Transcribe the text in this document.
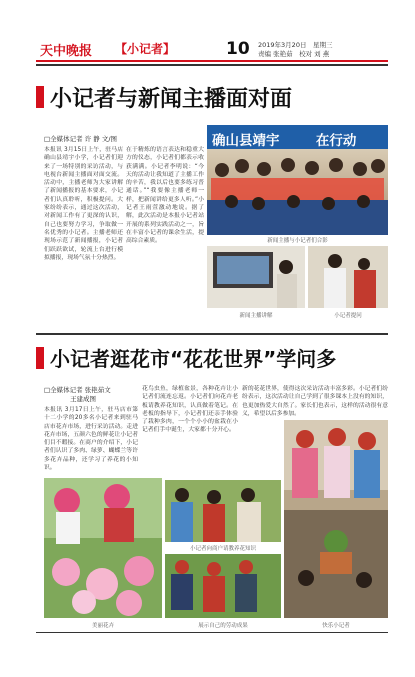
天中晚报 【小记者】	10 2019年3月20日　星期三
责编 张艳茹　校对 刘 燕
小记者与新闻主播面对面
□全媒体记者 许 静 文/图
本报讯 3月15日上午，驻马店确山县靖宇小学，小记者们迎来了一场特别的采访活动，与电视台新闻主播面对面交流。活动中，主播老师为大家讲解了新闻播报的基本要求，小记者们认真聆听，积极提问。大家纷纷表示，通过这次活动，对新闻工作有了更深的认识，自己也要努力学习，争取做一名优秀的小记者。主播老师还现场示范了新闻播报，小记者们跃跃欲试，轮流上台进行模拟播报，现场气氛十分热烈。
在于精炼的语言表达和稳重大方的仪态，小记者们都表示收获满满。小记者李明说：“今天的活动让我知道了主播工作的辛苦，我以后也要多练习普通话。”“我要像主播老师一样，把新闻讲给更多人听。”小记者王雨萱激动地说。据了解，此次活动是本报小记者站开展的系列实践活动之一，旨在丰富小记者的课余生活，提高综合素质。
确山县靖宇 　　 在行动
新闻主播与小记者们合影
新闻主播讲解	小记者提问
小记者逛花市“花花世界”学问多
□全媒体记者 张艳茹文
王建成图
本报讯 3月17日上午，驻马店市第十二小学的20多名小记者来到驻马店市花卉市场，进行采访活动。走进花卉市场，五颜六色的鲜花让小记者们目不暇接。在商户的介绍下，小记者们认识了多肉、绿萝、蝴蝶兰等许多花卉品种，还学习了养花的小知识。
花鸟虫鱼，绿植盆景，各种花卉让小记者们流连忘返。小记者们向花卉老板请教养花知识，认真做着笔记。在老板的指导下，小记者们还亲手体验了栽种多肉，一个个小小的盆栽在小记者们手中诞生，大家都十分开心。
新的花花世界，使得这次采访活动丰富多彩。小记者们纷纷表示，这次活动让自己学到了很多课本上没有的知识，也更加热爱大自然了。家长们也表示，这样的活动很有意义，希望以后多参加。
美丽花卉
小记者向商户请教养花知识
展示自己的劳动成果	快乐小记者
